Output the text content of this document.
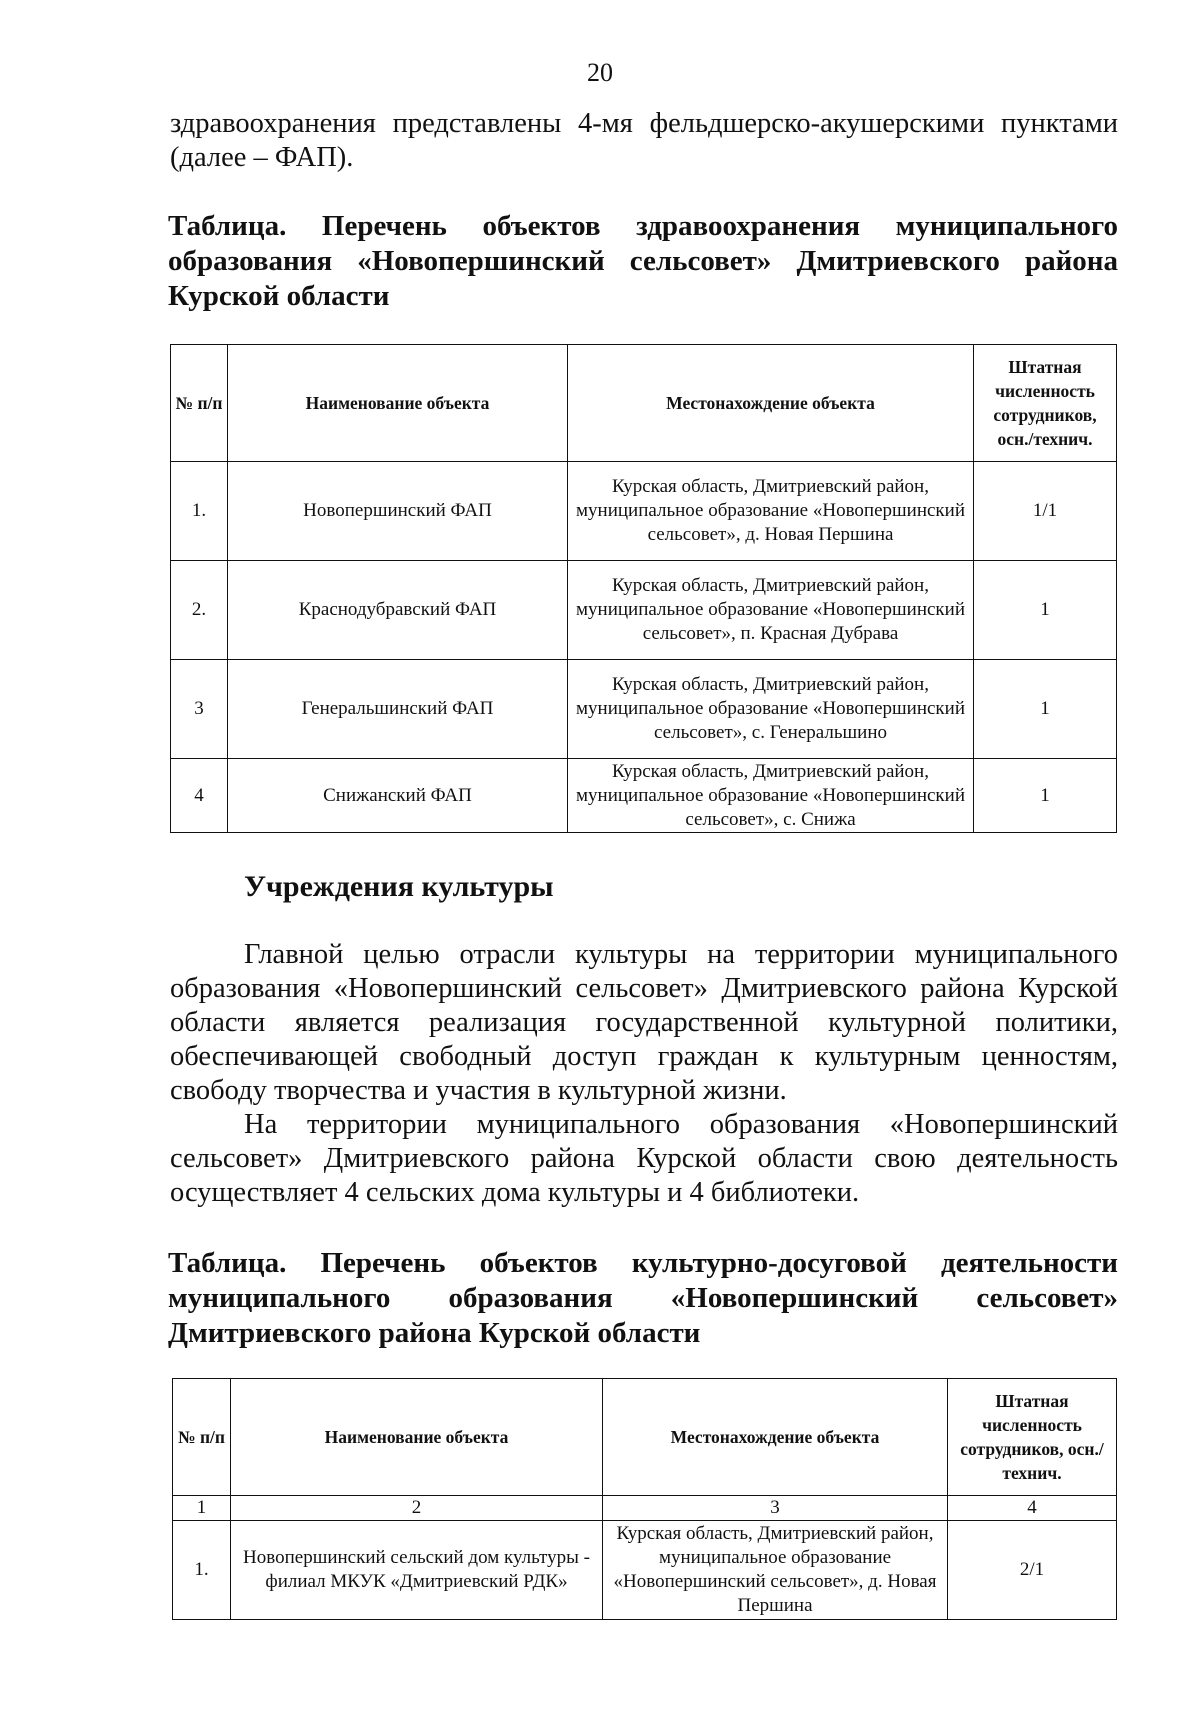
20

здравоохранения представлены 4-мя фельдшерско-акушерскими пунктами (далее – ФАП).

Таблица. Перечень объектов здравоохранения муниципального образования «Новопершинский сельсовет» Дмитриевского района Курской области

№ п/п	Наименование объекта	Местонахождение объекта	Штатная численность сотрудников, осн./технич.
1.	Новопершинский ФАП	Курская область, Дмитриевский район, муниципальное образование «Новопершинский сельсовет», д. Новая Першина	1/1
2.	Краснодубравский ФАП	Курская область, Дмитриевский район, муниципальное образование «Новопершинский сельсовет», п. Красная Дубрава	1
3	Генеральшинский ФАП	Курская область, Дмитриевский район, муниципальное образование «Новопершинский сельсовет», с. Генеральшино	1
4	Снижанский ФАП	Курская область, Дмитриевский район, муниципальное образование «Новопершинский сельсовет», с. Снижа	1
Учреждения культуры

Главной целью отрасли культуры на территории муниципального образования «Новопершинский сельсовет» Дмитриевского района Курской области является реализация государственной культурной политики, обеспечивающей свободный доступ граждан к культурным ценностям, свободу творчества и участия в культурной жизни.

На территории муниципального образования «Новопершинский сельсовет» Дмитриевского района Курской области свою деятельность осуществляет 4 сельских дома культуры и 4 библиотеки.

Таблица. Перечень объектов культурно-досуговой деятельности муниципального образования «Новопершинский сельсовет» Дмитриевского района Курской области

№ п/п	Наименование объекта	Местонахождение объекта	Штатная численность сотрудников, осн./технич.
1	2	3	4
1.	Новопершинский сельский дом культуры - филиал МКУК «Дмитриевский РДК»	Курская область, Дмитриевский район, муниципальное образование «Новопершинский сельсовет», д. Новая Першина	2/1
